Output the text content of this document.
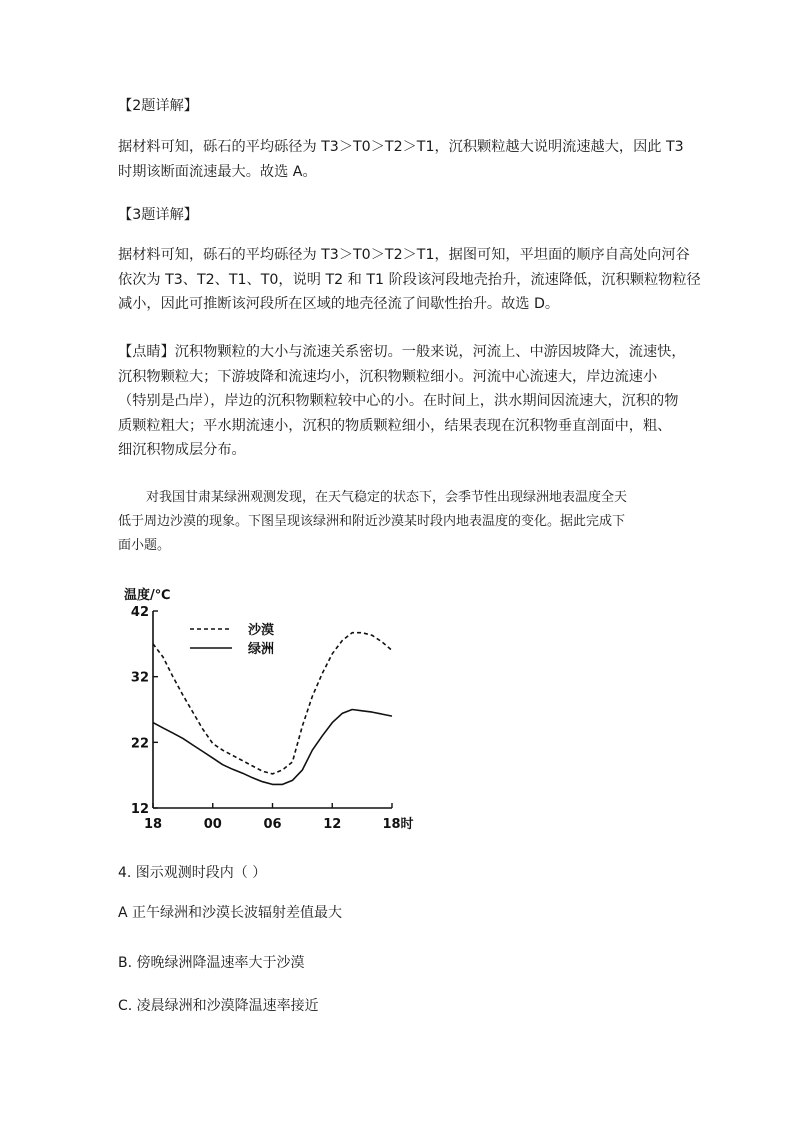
【2题详解】
据材料可知，砾石的平均砾径为 T3＞T0＞T2＞T1，沉积颗粒越大说明流速越大，因此 T3
时期该断面流速最大。故选 A。
【3题详解】
据材料可知，砾石的平均砾径为 T3＞T0＞T2＞T1，据图可知，平坦面的顺序自高处向河谷
依次为 T3、T2、T1、T0，说明 T2 和 T1 阶段该河段地壳抬升，流速降低，沉积颗粒物粒径
减小，因此可推断该河段所在区域的地壳径流了间歇性抬升。故选 D。
【点睛】沉积物颗粒的大小与流速关系密切。一般来说，河流上、中游因坡降大，流速快，
沉积物颗粒大；下游坡降和流速均小，沉积物颗粒细小。河流中心流速大，岸边流速小
（特别是凸岸），岸边的沉积物颗粒较中心的小。在时间上，洪水期间因流速大，沉积的物
质颗粒粗大；平水期流速小，沉积的物质颗粒细小，结果表现在沉积物垂直剖面中，粗、
细沉积物成层分布。
对我国甘肃某绿洲观测发现，在天气稳定的状态下，会季节性出现绿洲地表温度全天
低于周边沙漠的现象。下图呈现该绿洲和附近沙漠某时段内地表温度的变化。据此完成下
面小题。
温度/℃
42
32
22
12
18	00	06	12	18时
沙漠
绿洲
4. 图示观测时段内（ ）
A 正午绿洲和沙漠长波辐射差值最大
B. 傍晚绿洲降温速率大于沙漠
C. 凌晨绿洲和沙漠降温速率接近
